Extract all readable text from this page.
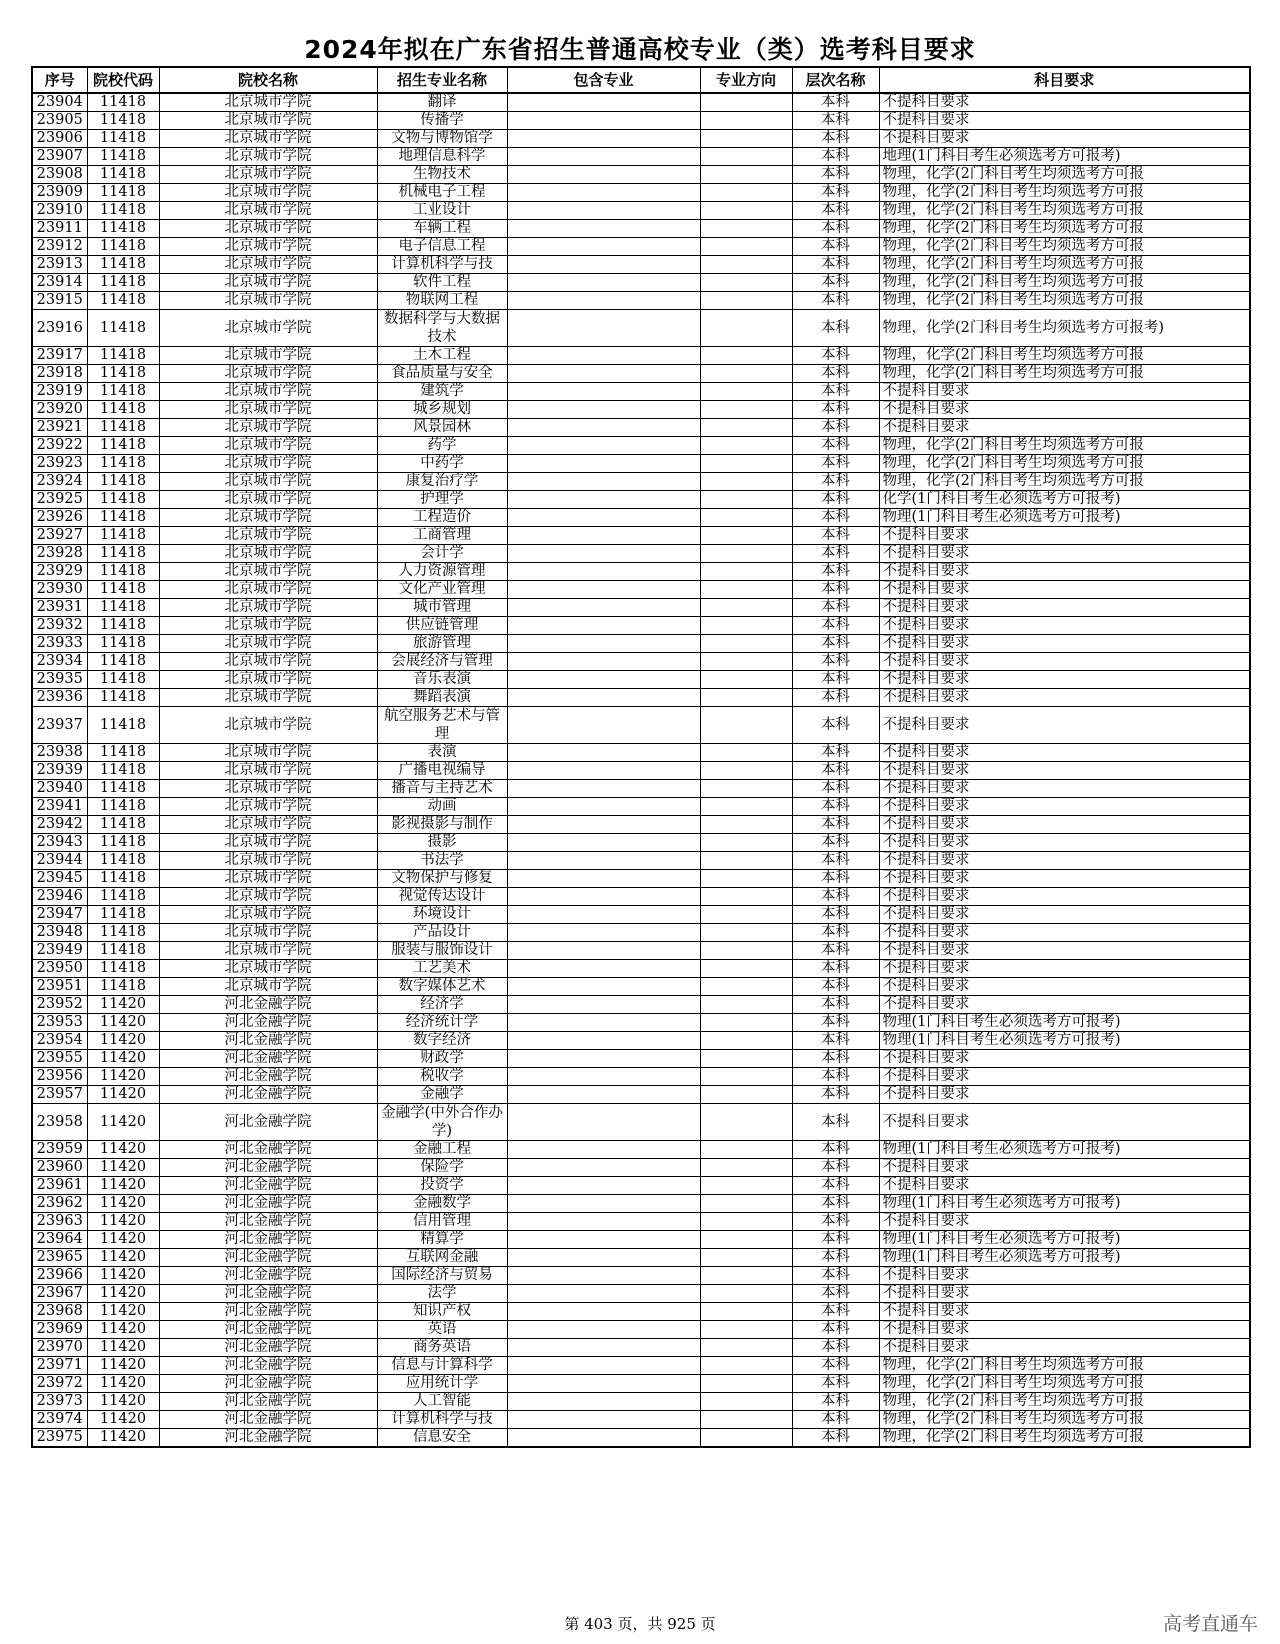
2024年拟在广东省招生普通高校专业（类）选考科目要求
序号	院校代码	院校名称	招生专业名称	包含专业	专业方向	层次名称	科目要求
23904	11418	北京城市学院	翻译			本科	不提科目要求
23905	11418	北京城市学院	传播学			本科	不提科目要求
23906	11418	北京城市学院	文物与博物馆学			本科	不提科目要求
23907	11418	北京城市学院	地理信息科学			本科	地理(1门科目考生必须选考方可报考)
23908	11418	北京城市学院	生物技术			本科	物理，化学(2门科目考生均须选考方可报
23909	11418	北京城市学院	机械电子工程			本科	物理，化学(2门科目考生均须选考方可报
23910	11418	北京城市学院	工业设计			本科	物理，化学(2门科目考生均须选考方可报
23911	11418	北京城市学院	车辆工程			本科	物理，化学(2门科目考生均须选考方可报
23912	11418	北京城市学院	电子信息工程			本科	物理，化学(2门科目考生均须选考方可报
23913	11418	北京城市学院	计算机科学与技			本科	物理，化学(2门科目考生均须选考方可报
23914	11418	北京城市学院	软件工程			本科	物理，化学(2门科目考生均须选考方可报
23915	11418	北京城市学院	物联网工程			本科	物理，化学(2门科目考生均须选考方可报
23916	11418	北京城市学院	数据科学与大数据技术			本科	物理，化学(2门科目考生均须选考方可报考)
23917	11418	北京城市学院	土木工程			本科	物理，化学(2门科目考生均须选考方可报
23918	11418	北京城市学院	食品质量与安全			本科	物理，化学(2门科目考生均须选考方可报
23919	11418	北京城市学院	建筑学			本科	不提科目要求
23920	11418	北京城市学院	城乡规划			本科	不提科目要求
23921	11418	北京城市学院	风景园林			本科	不提科目要求
23922	11418	北京城市学院	药学			本科	物理，化学(2门科目考生均须选考方可报
23923	11418	北京城市学院	中药学			本科	物理，化学(2门科目考生均须选考方可报
23924	11418	北京城市学院	康复治疗学			本科	物理，化学(2门科目考生均须选考方可报
23925	11418	北京城市学院	护理学			本科	化学(1门科目考生必须选考方可报考)
23926	11418	北京城市学院	工程造价			本科	物理(1门科目考生必须选考方可报考)
23927	11418	北京城市学院	工商管理			本科	不提科目要求
23928	11418	北京城市学院	会计学			本科	不提科目要求
23929	11418	北京城市学院	人力资源管理			本科	不提科目要求
23930	11418	北京城市学院	文化产业管理			本科	不提科目要求
23931	11418	北京城市学院	城市管理			本科	不提科目要求
23932	11418	北京城市学院	供应链管理			本科	不提科目要求
23933	11418	北京城市学院	旅游管理			本科	不提科目要求
23934	11418	北京城市学院	会展经济与管理			本科	不提科目要求
23935	11418	北京城市学院	音乐表演			本科	不提科目要求
23936	11418	北京城市学院	舞蹈表演			本科	不提科目要求
23937	11418	北京城市学院	航空服务艺术与管理			本科	不提科目要求
23938	11418	北京城市学院	表演			本科	不提科目要求
23939	11418	北京城市学院	广播电视编导			本科	不提科目要求
23940	11418	北京城市学院	播音与主持艺术			本科	不提科目要求
23941	11418	北京城市学院	动画			本科	不提科目要求
23942	11418	北京城市学院	影视摄影与制作			本科	不提科目要求
23943	11418	北京城市学院	摄影			本科	不提科目要求
23944	11418	北京城市学院	书法学			本科	不提科目要求
23945	11418	北京城市学院	文物保护与修复			本科	不提科目要求
23946	11418	北京城市学院	视觉传达设计			本科	不提科目要求
23947	11418	北京城市学院	环境设计			本科	不提科目要求
23948	11418	北京城市学院	产品设计			本科	不提科目要求
23949	11418	北京城市学院	服装与服饰设计			本科	不提科目要求
23950	11418	北京城市学院	工艺美术			本科	不提科目要求
23951	11418	北京城市学院	数字媒体艺术			本科	不提科目要求
23952	11420	河北金融学院	经济学			本科	不提科目要求
23953	11420	河北金融学院	经济统计学			本科	物理(1门科目考生必须选考方可报考)
23954	11420	河北金融学院	数字经济			本科	物理(1门科目考生必须选考方可报考)
23955	11420	河北金融学院	财政学			本科	不提科目要求
23956	11420	河北金融学院	税收学			本科	不提科目要求
23957	11420	河北金融学院	金融学			本科	不提科目要求
23958	11420	河北金融学院	金融学(中外合作办学)			本科	不提科目要求
23959	11420	河北金融学院	金融工程			本科	物理(1门科目考生必须选考方可报考)
23960	11420	河北金融学院	保险学			本科	不提科目要求
23961	11420	河北金融学院	投资学			本科	不提科目要求
23962	11420	河北金融学院	金融数学			本科	物理(1门科目考生必须选考方可报考)
23963	11420	河北金融学院	信用管理			本科	不提科目要求
23964	11420	河北金融学院	精算学			本科	物理(1门科目考生必须选考方可报考)
23965	11420	河北金融学院	互联网金融			本科	物理(1门科目考生必须选考方可报考)
23966	11420	河北金融学院	国际经济与贸易			本科	不提科目要求
23967	11420	河北金融学院	法学			本科	不提科目要求
23968	11420	河北金融学院	知识产权			本科	不提科目要求
23969	11420	河北金融学院	英语			本科	不提科目要求
23970	11420	河北金融学院	商务英语			本科	不提科目要求
23971	11420	河北金融学院	信息与计算科学			本科	物理，化学(2门科目考生均须选考方可报
23972	11420	河北金融学院	应用统计学			本科	物理，化学(2门科目考生均须选考方可报
23973	11420	河北金融学院	人工智能			本科	物理，化学(2门科目考生均须选考方可报
23974	11420	河北金融学院	计算机科学与技			本科	物理，化学(2门科目考生均须选考方可报
23975	11420	河北金融学院	信息安全			本科	物理，化学(2门科目考生均须选考方可报
第 403 页，共 925 页	高考直通车
